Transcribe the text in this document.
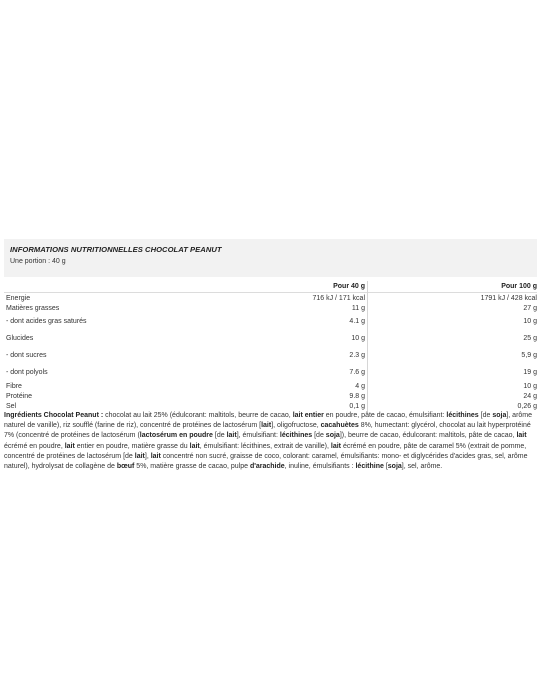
INFORMATIONS NUTRITIONNELLES CHOCOLAT PEANUT
Une portion : 40 g
	Pour 40 g	Pour 100 g
Energie	716 kJ / 171 kcal	1791 kJ / 428 kcal
Matières grasses	11 g	27 g
- dont acides gras saturés	4.1 g	10 g
Glucides	10 g	25 g
- dont sucres	2.3 g	5,9 g
- dont polyols	7.6 g	19 g
Fibre	4 g	10 g
Protéine	9.8 g	24 g
Sel	0,1 g	0,26 g
Ingrédients Chocolat Peanut : chocolat au lait 25% (édulcorant: maltitols, beurre de cacao, lait entier en poudre, pâte de cacao, émulsifiant: lécithines [de soja], arôme naturel de vanille), riz soufflé (farine de riz), concentré de protéines de lactosérum [lait], oligofructose, cacahuètes 8%, humectant: glycérol, chocolat au lait hyperprotéiné 7% (concentré de protéines de lactosérum (lactosérum en poudre [de lait], émulsifiant: lécithines [de soja]), beurre de cacao, édulcorant: maltitols, pâte de cacao, lait écrémé en poudre, lait entier en poudre, matière grasse du lait, émulsifiant: lécithines, extrait de vanille), lait écrémé en poudre, pâte de caramel 5% (extrait de pomme, concentré de protéines de lactosérum [de lait], lait concentré non sucré, graisse de coco, colorant: caramel, émulsifiants: mono- et diglycérides d'acides gras, sel, arôme naturel), hydrolysat de collagène de bœuf 5%, matière grasse de cacao, pulpe d'arachide, inuline, émulsifiants : lécithine [soja], sel, arôme.
